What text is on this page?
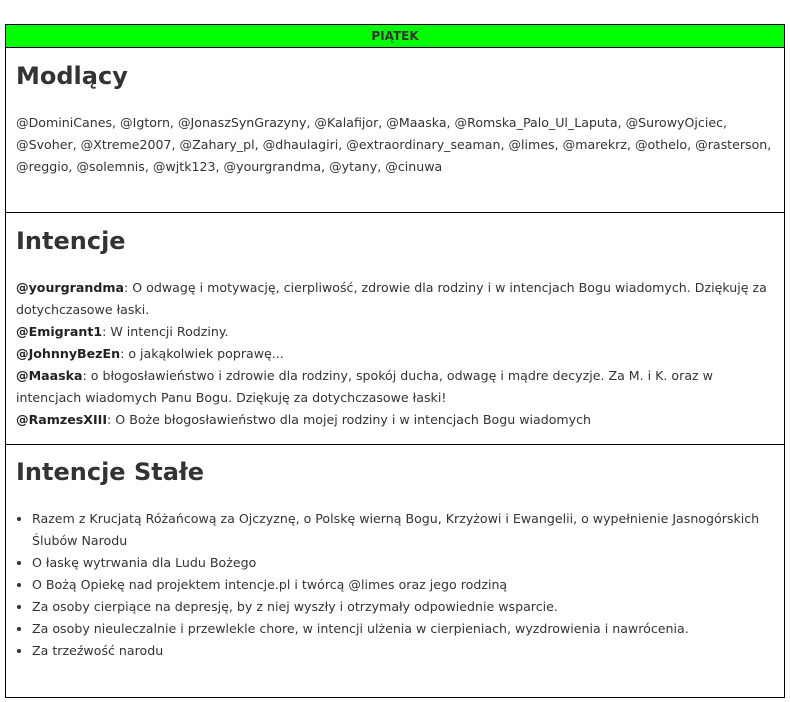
PIĄTEK
Modlący
@DominiCanes, @Igtorn, @JonaszSynGrazyny, @Kalafijor, @Maaska, @Romska_Palo_Ul_Laputa, @SurowyOjciec, @Svoher, @Xtreme2007, @Zahary_pl, @dhaulagiri, @extraordinary_seaman, @limes, @marekrz, @othelo, @rasterson, @reggio, @solemnis, @wjtk123, @yourgrandma, @ytany, @cinuwa
Intencje
@yourgrandma: O odwagę i motywację, cierpliwość, zdrowie dla rodziny i w intencjach Bogu wiadomych. Dziękuję za dotychczasowe łaski.
@Emigrant1: W intencji Rodziny.
@JohnnyBezEn: o jakąkolwiek poprawę...
@Maaska: o błogosławieństwo i zdrowie dla rodziny, spokój ducha, odwagę i mądre decyzje. Za M. i K. oraz w intencjach wiadomych Panu Bogu. Dziękuję za dotychczasowe łaski!
@RamzesXIII: O Boże błogosławieństwo dla mojej rodziny i w intencjach Bogu wiadomych
Intencje Stałe
• Razem z Krucjatą Różańcową za Ojczyznę, o Polskę wierną Bogu, Krzyżowi i Ewangelii, o wypełnienie Jasnogórskich Ślubów Narodu
• O łaskę wytrwania dla Ludu Bożego
• O Bożą Opiekę nad projektem intencje.pl i twórcą @limes oraz jego rodziną
• Za osoby cierpiące na depresję, by z niej wyszły i otrzymały odpowiednie wsparcie.
• Za osoby nieuleczalnie i przewlekle chore, w intencji ulżenia w cierpieniach, wyzdrowienia i nawrócenia.
• Za trzeźwość narodu
